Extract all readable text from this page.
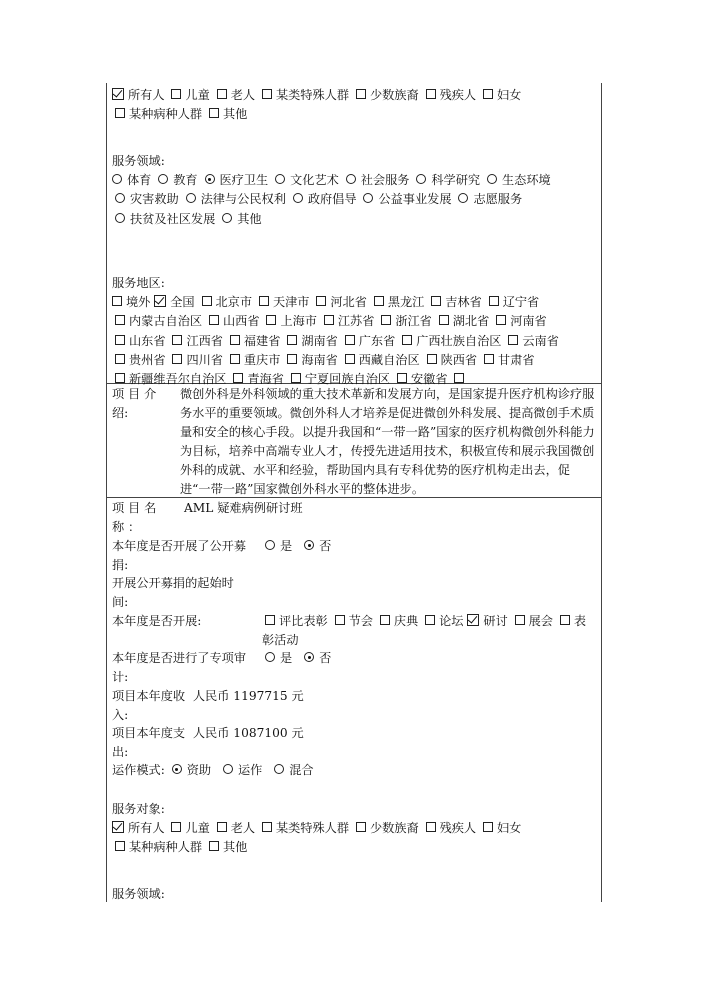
所有人 儿童 老人 某类特殊人群 少数族裔 残疾人 妇女 某种病种人群 其他
服务领域:
体育 教育 医疗卫生 文化艺术 社会服务 科学研究 生态环境 灾害救助 法律与公民权利 政府倡导 公益事业发展 志愿服务 扶贫及社区发展 其他
服务地区:
境外 全国 北京市 天津市 河北省 黑龙江 吉林省 辽宁省 内蒙古自治区 山西省 上海市 江苏省 浙江省 湖北省 河南省 山东省 江西省 福建省 湖南省 广东省 广西壮族自治区 云南省 贵州省 四川省 重庆市 海南省 西藏自治区 陕西省 甘肃省 新疆维吾尔自治区 青海省 宁夏回族自治区 安徽省
项 目 介
绍:
微创外科是外科领域的重大技术革新和发展方向，是国家提升医疗机构诊疗服务水平的重要领域。微创外科人才培养是促进微创外科发展、提高微创手术质量和安全的核心手段。以提升我国和“一带一路”国家的医疗机构微创外科能力为目标，培养中高端专业人才，传授先进适用技术，积极宣传和展示我国微创外科的成就、水平和经验，帮助国内具有专科优势的医疗机构走出去，促进“一带一路”国家微创外科水平的整体进步。
项 目 名
称 ：
AML 疑难病例研讨班
本年度是否开展了公开募
捐:
是 否
开展公开募捐的起始时
间:
本年度是否开展:	评比表彰 节会 庆典 论坛 研讨 展会 表彰活动
本年度是否进行了专项审
计:
是 否
项目本年度收 人民币 1197715 元
入:
项目本年度支 人民币 1087100 元
出:
运作模式: 资助 运作 混合
服务对象:
所有人 儿童 老人 某类特殊人群 少数族裔 残疾人 妇女 某种病种人群 其他
服务领域:
